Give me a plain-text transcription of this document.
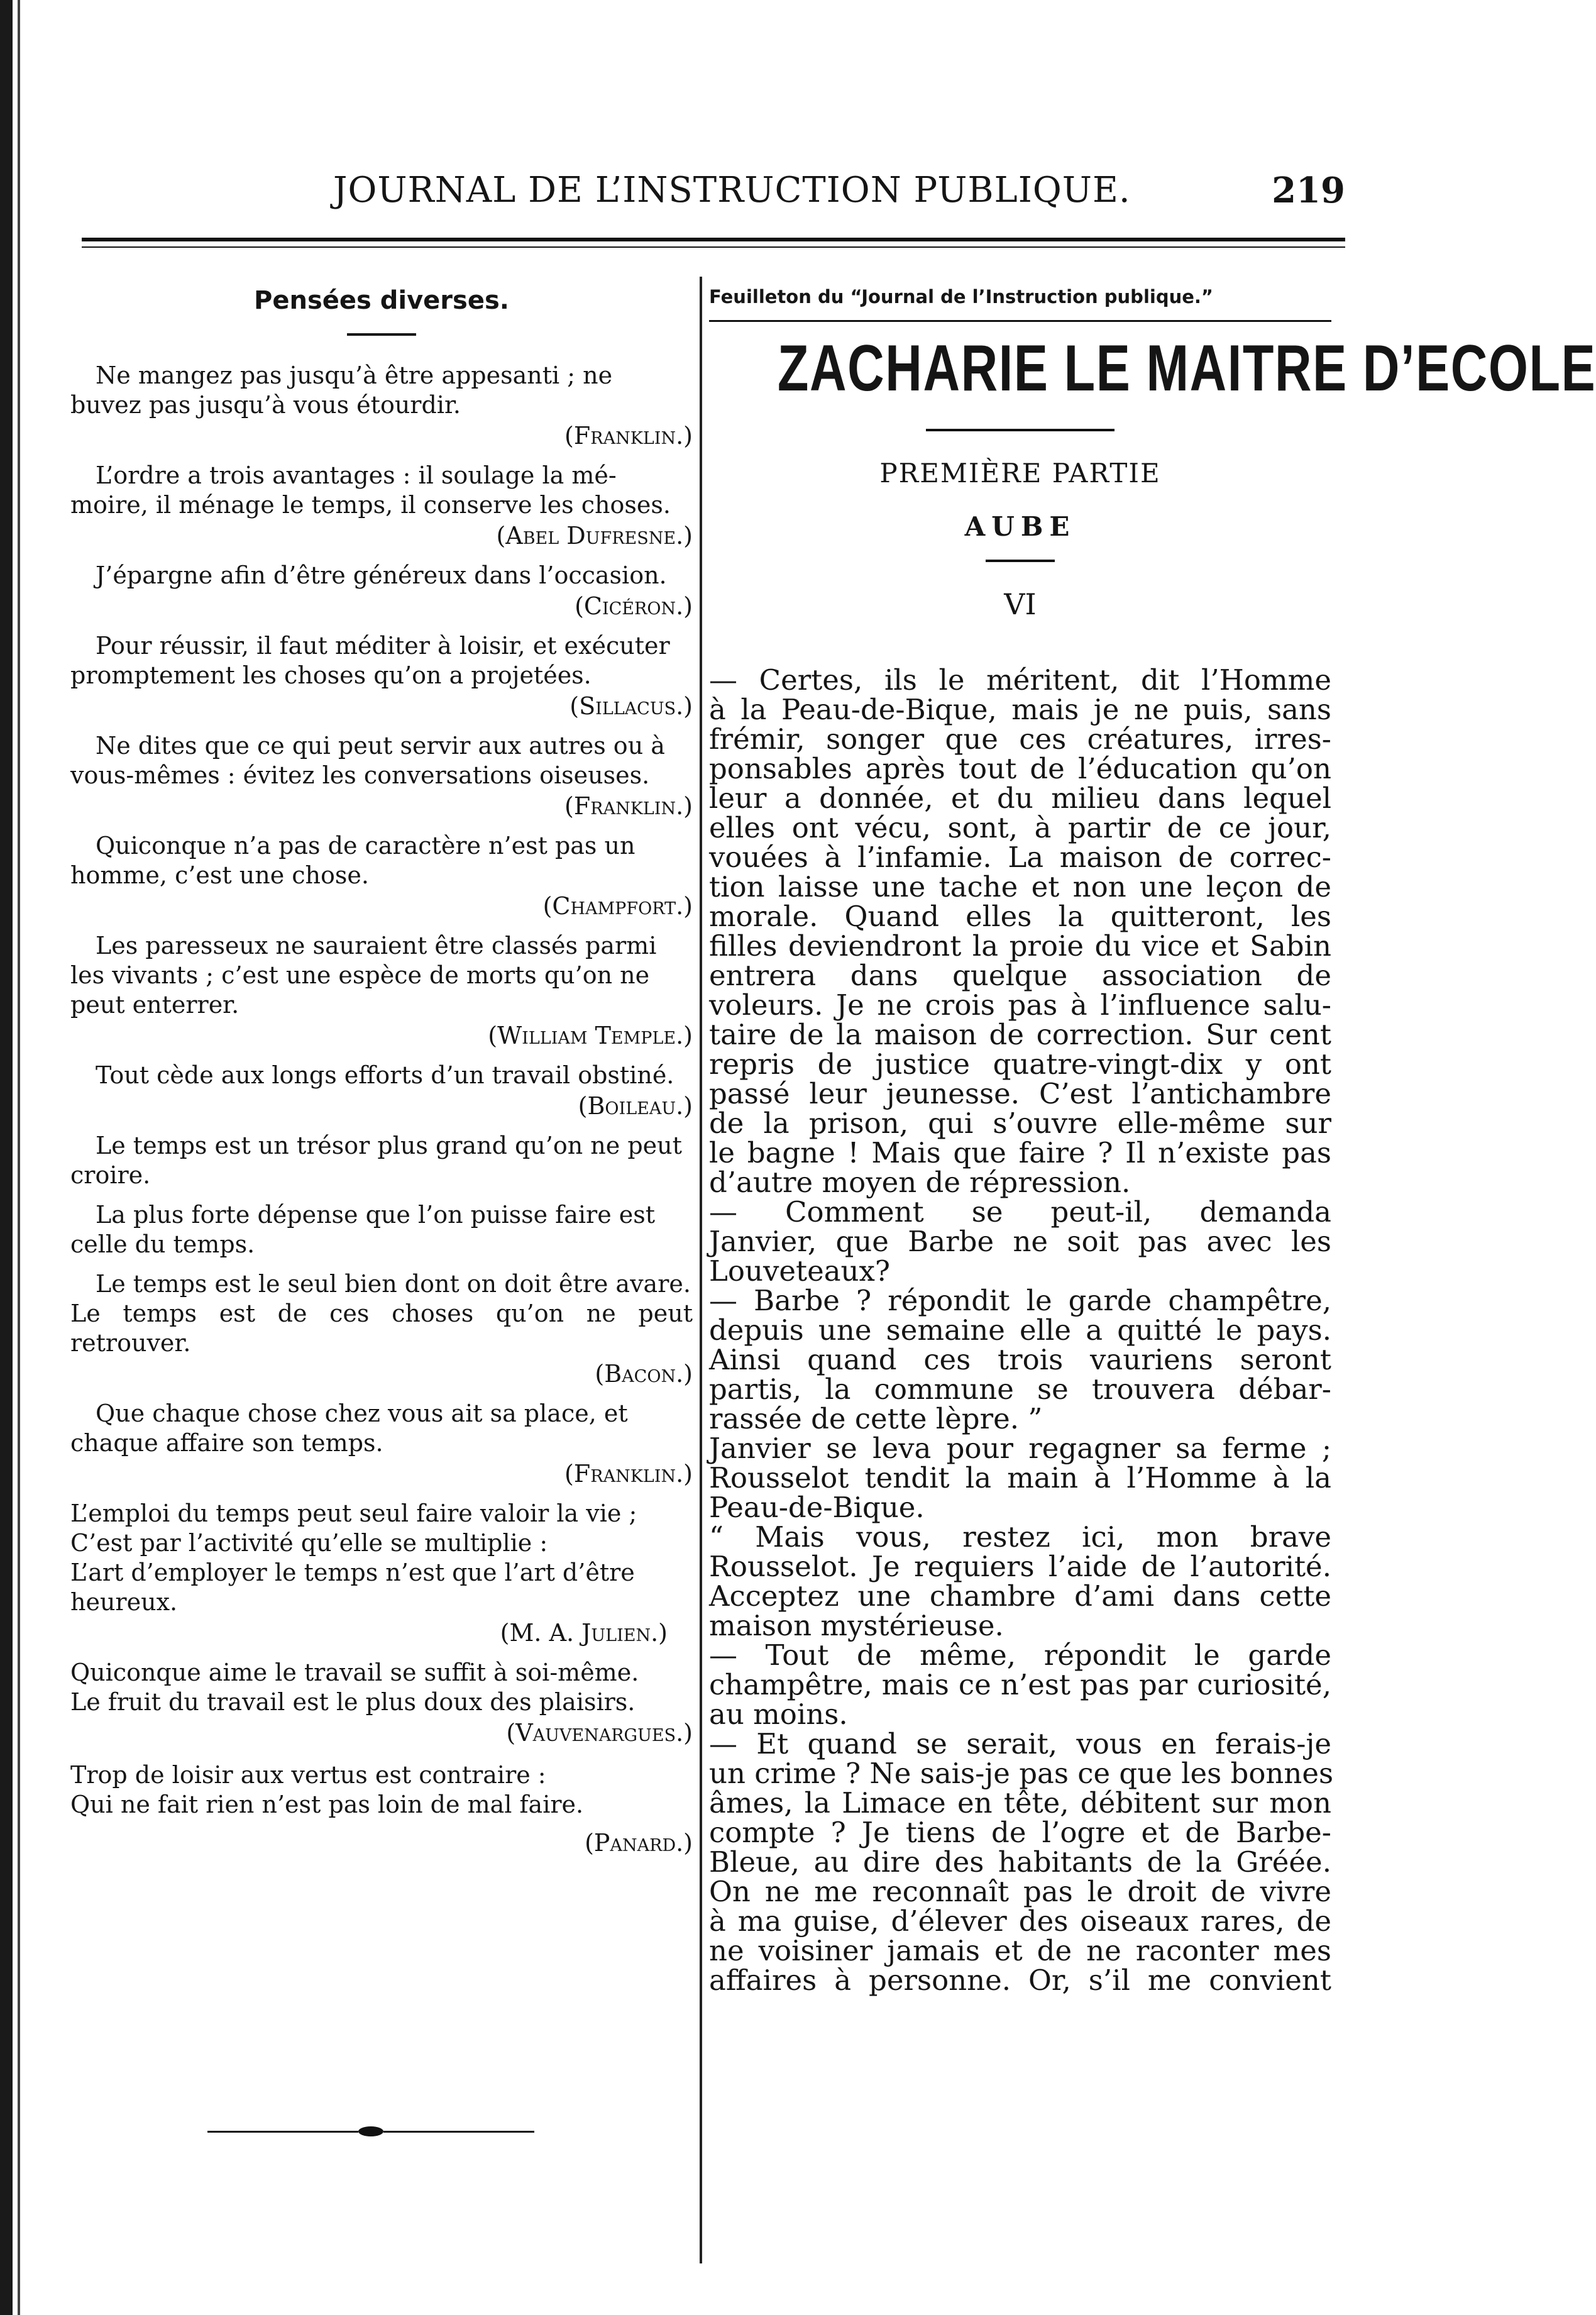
JOURNAL DE L’INSTRUCTION PUBLIQUE.	219
Pensées diverses.

Ne mangez pas jusqu’à être appesanti ; ne

buvez pas jusqu’à vous étourdir.

(Franklin.)

L’ordre a trois avantages : il soulage la mé-

moire, il ménage le temps, il conserve les choses.

(Abel Dufresne.)

J’épargne afin d’être généreux dans l’occasion.

(Cicéron.)

Pour réussir, il faut méditer à loisir, et exécuter

promptement les choses qu’on a projetées.

(Sillacus.)

Ne dites que ce qui peut servir aux autres ou à

vous-mêmes : évitez les conversations oiseuses.

(Franklin.)

Quiconque n’a pas de caractère n’est pas un

homme, c’est une chose.

(Champfort.)

Les paresseux ne sauraient être classés parmi

les vivants ; c’est une espèce de morts qu’on ne

peut enterrer.

(William Temple.)

Tout cède aux longs efforts d’un travail obstiné.

(Boileau.)

Le temps est un trésor plus grand qu’on ne peut

croire.

La plus forte dépense que l’on puisse faire est

celle du temps.

Le temps est le seul bien dont on doit être avare.

Le temps est de ces choses qu’on ne peut retrouver.

(Bacon.)

Que chaque chose chez vous ait sa place, et

chaque affaire son temps.

(Franklin.)

L’emploi du temps peut seul faire valoir la vie ;

C’est par l’activité qu’elle se multiplie :

L’art d’employer le temps n’est que l’art d’être

heureux.

(M. A. Julien.)

Quiconque aime le travail se suffit à soi-même.

Le fruit du travail est le plus doux des plaisirs.

(Vauvenargues.)

Trop de loisir aux vertus est contraire :

Qui ne fait rien n’est pas loin de mal faire.

(Panard.)
Feuilleton du “Journal de l’Instruction publique.”
ZACHARIE LE MAITRE D’ECOLE
PREMIÈRE PARTIE
AUBE
VI
— Certes, ils le méritent, dit l’Homme
à la Peau-de-Bique, mais je ne puis, sans
frémir, songer que ces créatures, irres-
ponsables après tout de l’éducation qu’on
leur a donnée, et du milieu dans lequel
elles ont vécu, sont, à partir de ce jour,
vouées à l’infamie. La maison de correc-
tion laisse une tache et non une leçon de
morale. Quand elles la quitteront, les
filles deviendront la proie du vice et Sabin
entrera dans quelque association de
voleurs. Je ne crois pas à l’influence salu-
taire de la maison de correction. Sur cent
repris de justice quatre-vingt-dix y ont
passé leur jeunesse. C’est l’antichambre
de la prison, qui s’ouvre elle-même sur
le bagne ! Mais que faire ? Il n’existe pas
d’autre moyen de répression.
— Comment se peut-il, demanda
Janvier, que Barbe ne soit pas avec les
Louveteaux?
— Barbe ? répondit le garde champêtre,
depuis une semaine elle a quitté le pays.
Ainsi quand ces trois vauriens seront
partis, la commune se trouvera débar-
rassée de cette lèpre. ”
Janvier se leva pour regagner sa ferme ;
Rousselot tendit la main à l’Homme à la
Peau-de-Bique.
“ Mais vous, restez ici, mon brave
Rousselot. Je requiers l’aide de l’autorité.
Acceptez une chambre d’ami dans cette
maison mystérieuse.
— Tout de même, répondit le garde
champêtre, mais ce n’est pas par curiosité,
au moins.
— Et quand se serait, vous en ferais-je
un crime ? Ne sais-je pas ce que les bonnes
âmes, la Limace en tête, débitent sur mon
compte ? Je tiens de l’ogre et de Barbe-
Bleue, au dire des habitants de la Gréée.
On ne me reconnaît pas le droit de vivre
à ma guise, d’élever des oiseaux rares, de
ne voisiner jamais et de ne raconter mes
affaires à personne. Or, s’il me convient
